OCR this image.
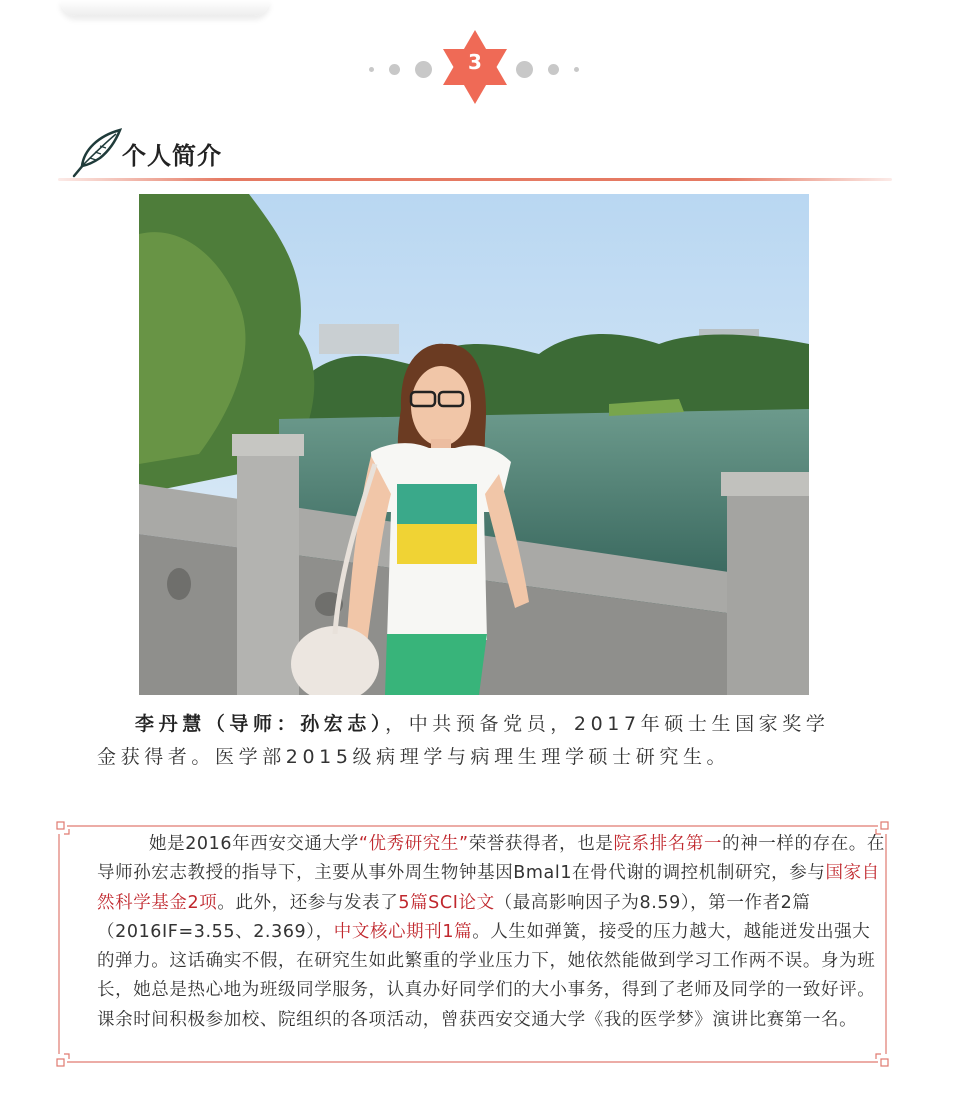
3
个人简介
李丹慧（导师：孙宏志），中共预备党员，2017年硕士生国家奖学金获得者。医学部2015级病理学与病理生理学硕士研究生。
她是2016年西安交通大学“优秀研究生”荣誉获得者，也是院系排名第一的神一样的存在。在导师孙宏志教授的指导下，主要从事外周生物钟基因Bmal1在骨代谢的调控机制研究，参与国家自然科学基金2项。此外，还参与发表了5篇SCI论文（最高影响因子为8.59），第一作者2篇（2016IF=3.55、2.369），中文核心期刊1篇。人生如弹簧，接受的压力越大，越能迸发出强大的弹力。这话确实不假，在研究生如此繁重的学业压力下，她依然能做到学习工作两不误。身为班长，她总是热心地为班级同学服务，认真办好同学们的大小事务，得到了老师及同学的一致好评。课余时间积极参加校、院组织的各项活动，曾获西安交通大学《我的医学梦》演讲比赛第一名。
